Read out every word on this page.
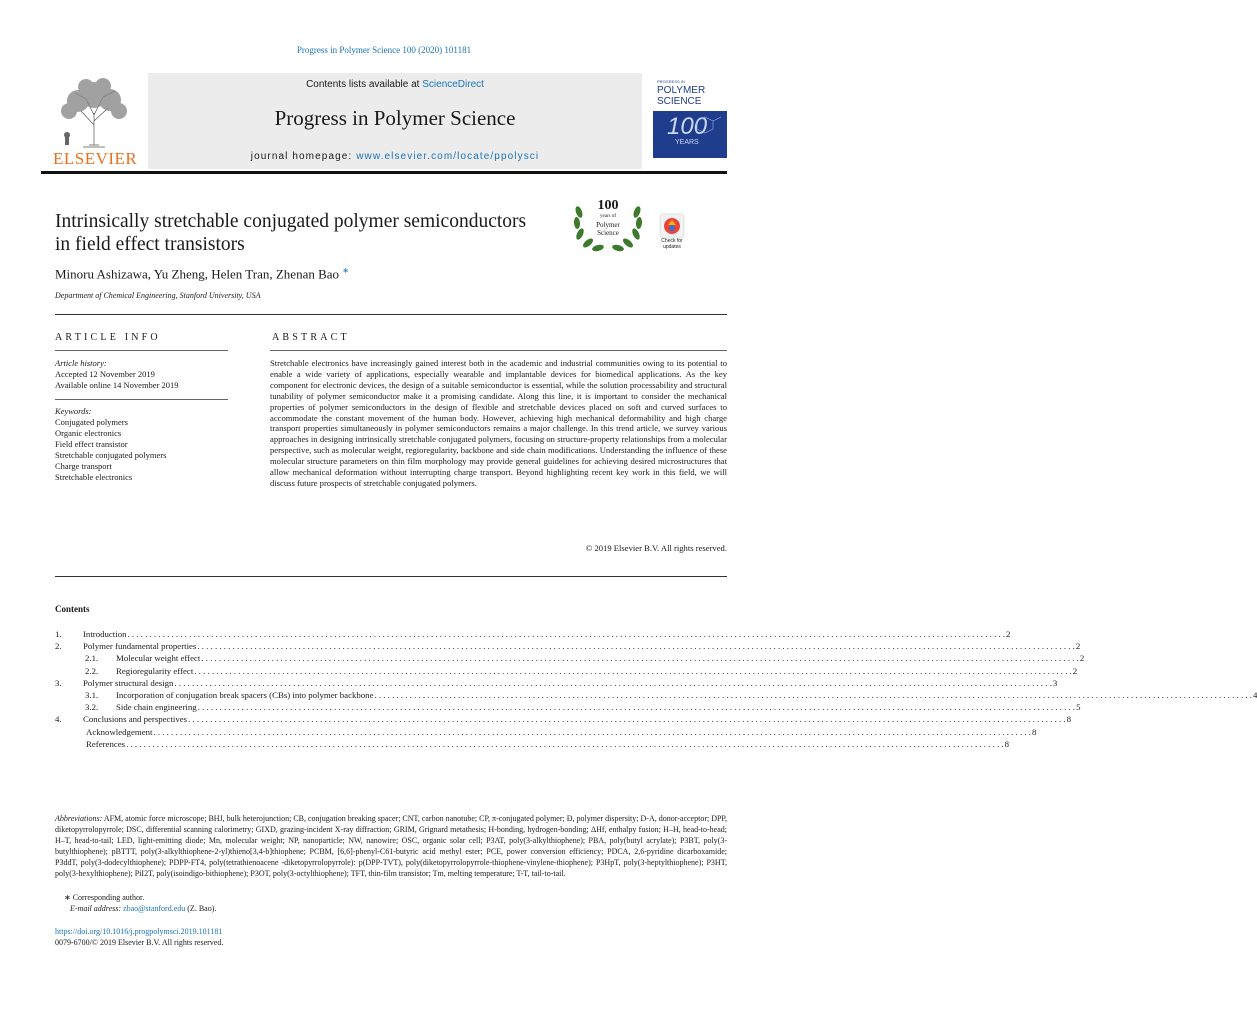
Progress in Polymer Science 100 (2020) 101181
ELSEVIER
Contents lists available at ScienceDirect
Progress in Polymer Science
journal homepage: www.elsevier.com/locate/ppolysci
PROGRESS IN
POLYMER
SCIENCE
100
YEARS
Intrinsically stretchable conjugated polymer semiconductors
in field effect transistors
100
years of
Polymer
Science
Check for
updates
Minoru Ashizawa, Yu Zheng, Helen Tran, Zhenan Bao ∗
Department of Chemical Engineering, Stanford University, USA
ARTICLE INFO	ABSTRACT
Article history:
Accepted 12 November 2019
Available online 14 November 2019
Keywords:
Conjugated polymers
Organic electronics
Field effect transistor
Stretchable conjugated polymers
Charge transport
Stretchable electronics
Stretchable electronics have increasingly gained interest both in the academic and industrial communities owing to its potential to enable a wide variety of applications, especially wearable and implantable devices for biomedical applications. As the key component for electronic devices, the design of a suitable semiconductor is essential, while the solution processability and structural tunability of polymer semiconductor make it a promising candidate. Along this line, it is important to consider the mechanical properties of polymer semiconductors in the design of flexible and stretchable devices placed on soft and curved surfaces to accommodate the constant movement of the human body. However, achieving high mechanical deformability and high charge transport properties simultaneously in polymer semiconductors remains a major challenge. In this trend article, we survey various approaches in designing intrinsically stretchable conjugated polymers, focusing on structure-property relationships from a molecular perspective, such as molecular weight, regioregularity, backbone and side chain modifications. Understanding the influence of these molecular structure parameters on thin film morphology may provide general guidelines for achieving desired microstructures that allow mechanical deformation without interrupting charge transport. Beyond highlighting recent key work in this field, we will discuss future prospects of stretchable conjugated polymers.
© 2019 Elsevier B.V. All rights reserved.
Contents
1.	Introduction . . . . . . . . . . . . . . . . . . . . . . . . . . . . . . . . . . . . . . . . . . . . . . . . . . . . . . . . . . . . . . . . . . . . . . . . . . . . . . . . . . . . . . . . . . . . . . . . . . . . . . . . . . . . . . . . . . . . . . . . . . . . . . . . . . . . . . . . . . . . . . . . . . . . . . . . . . . . . . . . . . . . . . . . . . . . . . . . . . . . . . . . . . . . . . . . . . . . . . . . 2
2.	Polymer fundamental properties . . . . . . . . . . . . . . . . . . . . . . . . . . . . . . . . . . . . . . . . . . . . . . . . . . . . . . . . . . . . . . . . . . . . . . . . . . . . . . . . . . . . . . . . . . . . . . . . . . . . . . . . . . . . . . . . . . . . . . . . . . . . . . . . . . . . . . . . . . . . . . . . . . . . . . . . . . . . . . . . . . . . . . . . . . . . . . . . . . . . . . . . . . . . . . . . . . . . . . . . 2
2.1.	Molecular weight effect . . . . . . . . . . . . . . . . . . . . . . . . . . . . . . . . . . . . . . . . . . . . . . . . . . . . . . . . . . . . . . . . . . . . . . . . . . . . . . . . . . . . . . . . . . . . . . . . . . . . . . . . . . . . . . . . . . . . . . . . . . . . . . . . . . . . . . . . . . . . . . . . . . . . . . . . . . . . . . . . . . . . . . . . . . . . . . . . . . . . . . . . . . . . . . . . . . . . . . . . 2
2.2.	Regioregularity effect . . . . . . . . . . . . . . . . . . . . . . . . . . . . . . . . . . . . . . . . . . . . . . . . . . . . . . . . . . . . . . . . . . . . . . . . . . . . . . . . . . . . . . . . . . . . . . . . . . . . . . . . . . . . . . . . . . . . . . . . . . . . . . . . . . . . . . . . . . . . . . . . . . . . . . . . . . . . . . . . . . . . . . . . . . . . . . . . . . . . . . . . . . . . . . . . . . . . . . . . 2
3.	Polymer structural design . . . . . . . . . . . . . . . . . . . . . . . . . . . . . . . . . . . . . . . . . . . . . . . . . . . . . . . . . . . . . . . . . . . . . . . . . . . . . . . . . . . . . . . . . . . . . . . . . . . . . . . . . . . . . . . . . . . . . . . . . . . . . . . . . . . . . . . . . . . . . . . . . . . . . . . . . . . . . . . . . . . . . . . . . . . . . . . . . . . . . . . . . . . . . . . . . . . . . . . . 3
3.1.	Incorporation of conjugation break spacers (CBs) into polymer backbone . . . . . . . . . . . . . . . . . . . . . . . . . . . . . . . . . . . . . . . . . . . . . . . . . . . . . . . . . . . . . . . . . . . . . . . . . . . . . . . . . . . . . . . . . . . . . . . . . . . . . . . . . . . . . . . . . . . . . . . . . . . . . . . . . . . . . . . . . . . . . . . . . . . . . . . . . . . . . . . . . . . . . . . . . . . . . . . . . . . . . . . . . . . . . . . . . . . . . . . . 4
3.2.	Side chain engineering . . . . . . . . . . . . . . . . . . . . . . . . . . . . . . . . . . . . . . . . . . . . . . . . . . . . . . . . . . . . . . . . . . . . . . . . . . . . . . . . . . . . . . . . . . . . . . . . . . . . . . . . . . . . . . . . . . . . . . . . . . . . . . . . . . . . . . . . . . . . . . . . . . . . . . . . . . . . . . . . . . . . . . . . . . . . . . . . . . . . . . . . . . . . . . . . . . . . . . . . 5
4.	Conclusions and perspectives . . . . . . . . . . . . . . . . . . . . . . . . . . . . . . . . . . . . . . . . . . . . . . . . . . . . . . . . . . . . . . . . . . . . . . . . . . . . . . . . . . . . . . . . . . . . . . . . . . . . . . . . . . . . . . . . . . . . . . . . . . . . . . . . . . . . . . . . . . . . . . . . . . . . . . . . . . . . . . . . . . . . . . . . . . . . . . . . . . . . . . . . . . . . . . . . . . . . . . . . 8
Acknowledgement . . . . . . . . . . . . . . . . . . . . . . . . . . . . . . . . . . . . . . . . . . . . . . . . . . . . . . . . . . . . . . . . . . . . . . . . . . . . . . . . . . . . . . . . . . . . . . . . . . . . . . . . . . . . . . . . . . . . . . . . . . . . . . . . . . . . . . . . . . . . . . . . . . . . . . . . . . . . . . . . . . . . . . . . . . . . . . . . . . . . . . . . . . . . . . . . . . . . . . . . 8
References . . . . . . . . . . . . . . . . . . . . . . . . . . . . . . . . . . . . . . . . . . . . . . . . . . . . . . . . . . . . . . . . . . . . . . . . . . . . . . . . . . . . . . . . . . . . . . . . . . . . . . . . . . . . . . . . . . . . . . . . . . . . . . . . . . . . . . . . . . . . . . . . . . . . . . . . . . . . . . . . . . . . . . . . . . . . . . . . . . . . . . . . . . . . . . . . . . . . . . . . 8
Abbreviations: AFM, atomic force microscope; BHJ, bulk heterojunction; CB, conjugation breaking spacer; CNT, carbon nanotube; CP, π-conjugated polymer; Đ, polymer dispersity; D-A, donor-acceptor; DPP, diketopyrrolopyrrole; DSC, differential scanning calorimetry; GIXD, grazing-incident X-ray diffraction; GRIM, Grignard metathesis; H-bonding, hydrogen-bonding; ΔHf, enthalpy fusion; H–H, head-to-head; H–T, head-to-tail; LED, light-emitting diode; Mn, molecular weight; NP, nanoparticle; NW, nanowire; OSC, organic solar cell; P3AT, poly(3-alkylthiophene); PBA, poly(butyl acrylate); P3BT, poly(3-butylthiophene); pBTTT, poly(3-alkylthiophene-2-yl)thieno[3,4-b]thiophene; PCBM, [6,6]-phenyl-C61-butyric acid methyl ester; PCE, power conversion efficiency; PDCA, 2,6-pyridine dicarboxamide; P3ddT, poly(3-dodecylthiophene); PDPP-FT4, poly(tetrathienoacene -diketopyrrolopyrrole): p(DPP-TVT), poly(diketopyrrolopyrrole-thiophene-vinylene-thiophene); P3HpT, poly(3-heptylthiophene); P3HT, poly(3-hexylthiophene); PiI2T, poly(isoindigo-bithiophene); P3OT, poly(3-octylthiophene); TFT, thin-film transistor; Tm, melting temperature; T-T, tail-to-tail.
∗ Corresponding author.
E-mail address: zbao@stanford.edu (Z. Bao).
https://doi.org/10.1016/j.progpolymsci.2019.101181
0079-6700/© 2019 Elsevier B.V. All rights reserved.
